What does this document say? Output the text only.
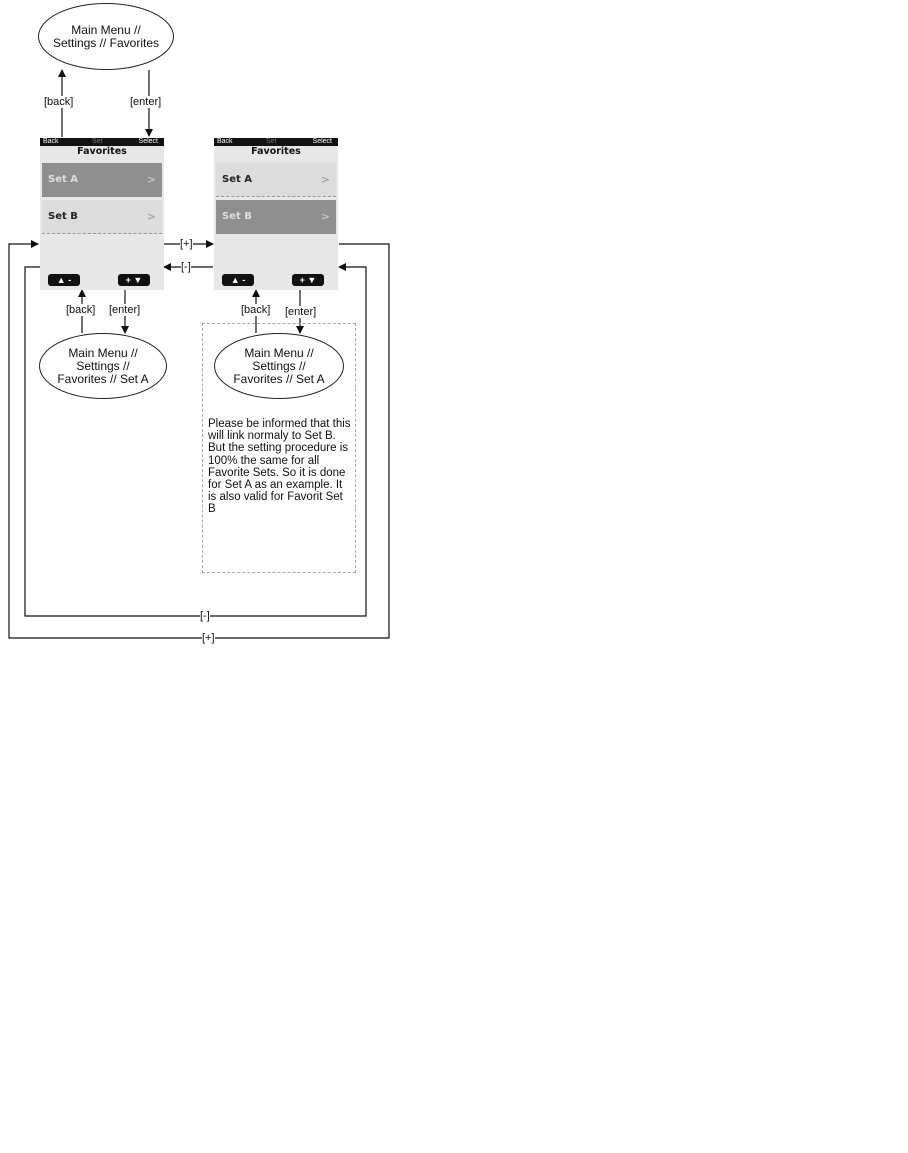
Main Menu //
Settings // Favorites
[back]	[enter]
Back	Set	Select
Favorites
Set A	>
Set B	>
▲ -	+ ▼
Back	Set	Select
Favorites
Set A	>
Set B	>
▲ -	+ ▼
[+]
[-]
[back] [enter]	[back] [enter]
Main Menu //
Settings //
Favorites // Set A
Main Menu //
Settings //
Favorites // Set A
Please be informed that this will link normaly to Set B. But the setting procedure is 100% the same for all Favorite Sets. So it is done for Set A as an example. It is also valid for Favorit Set B
[-]
[+]
